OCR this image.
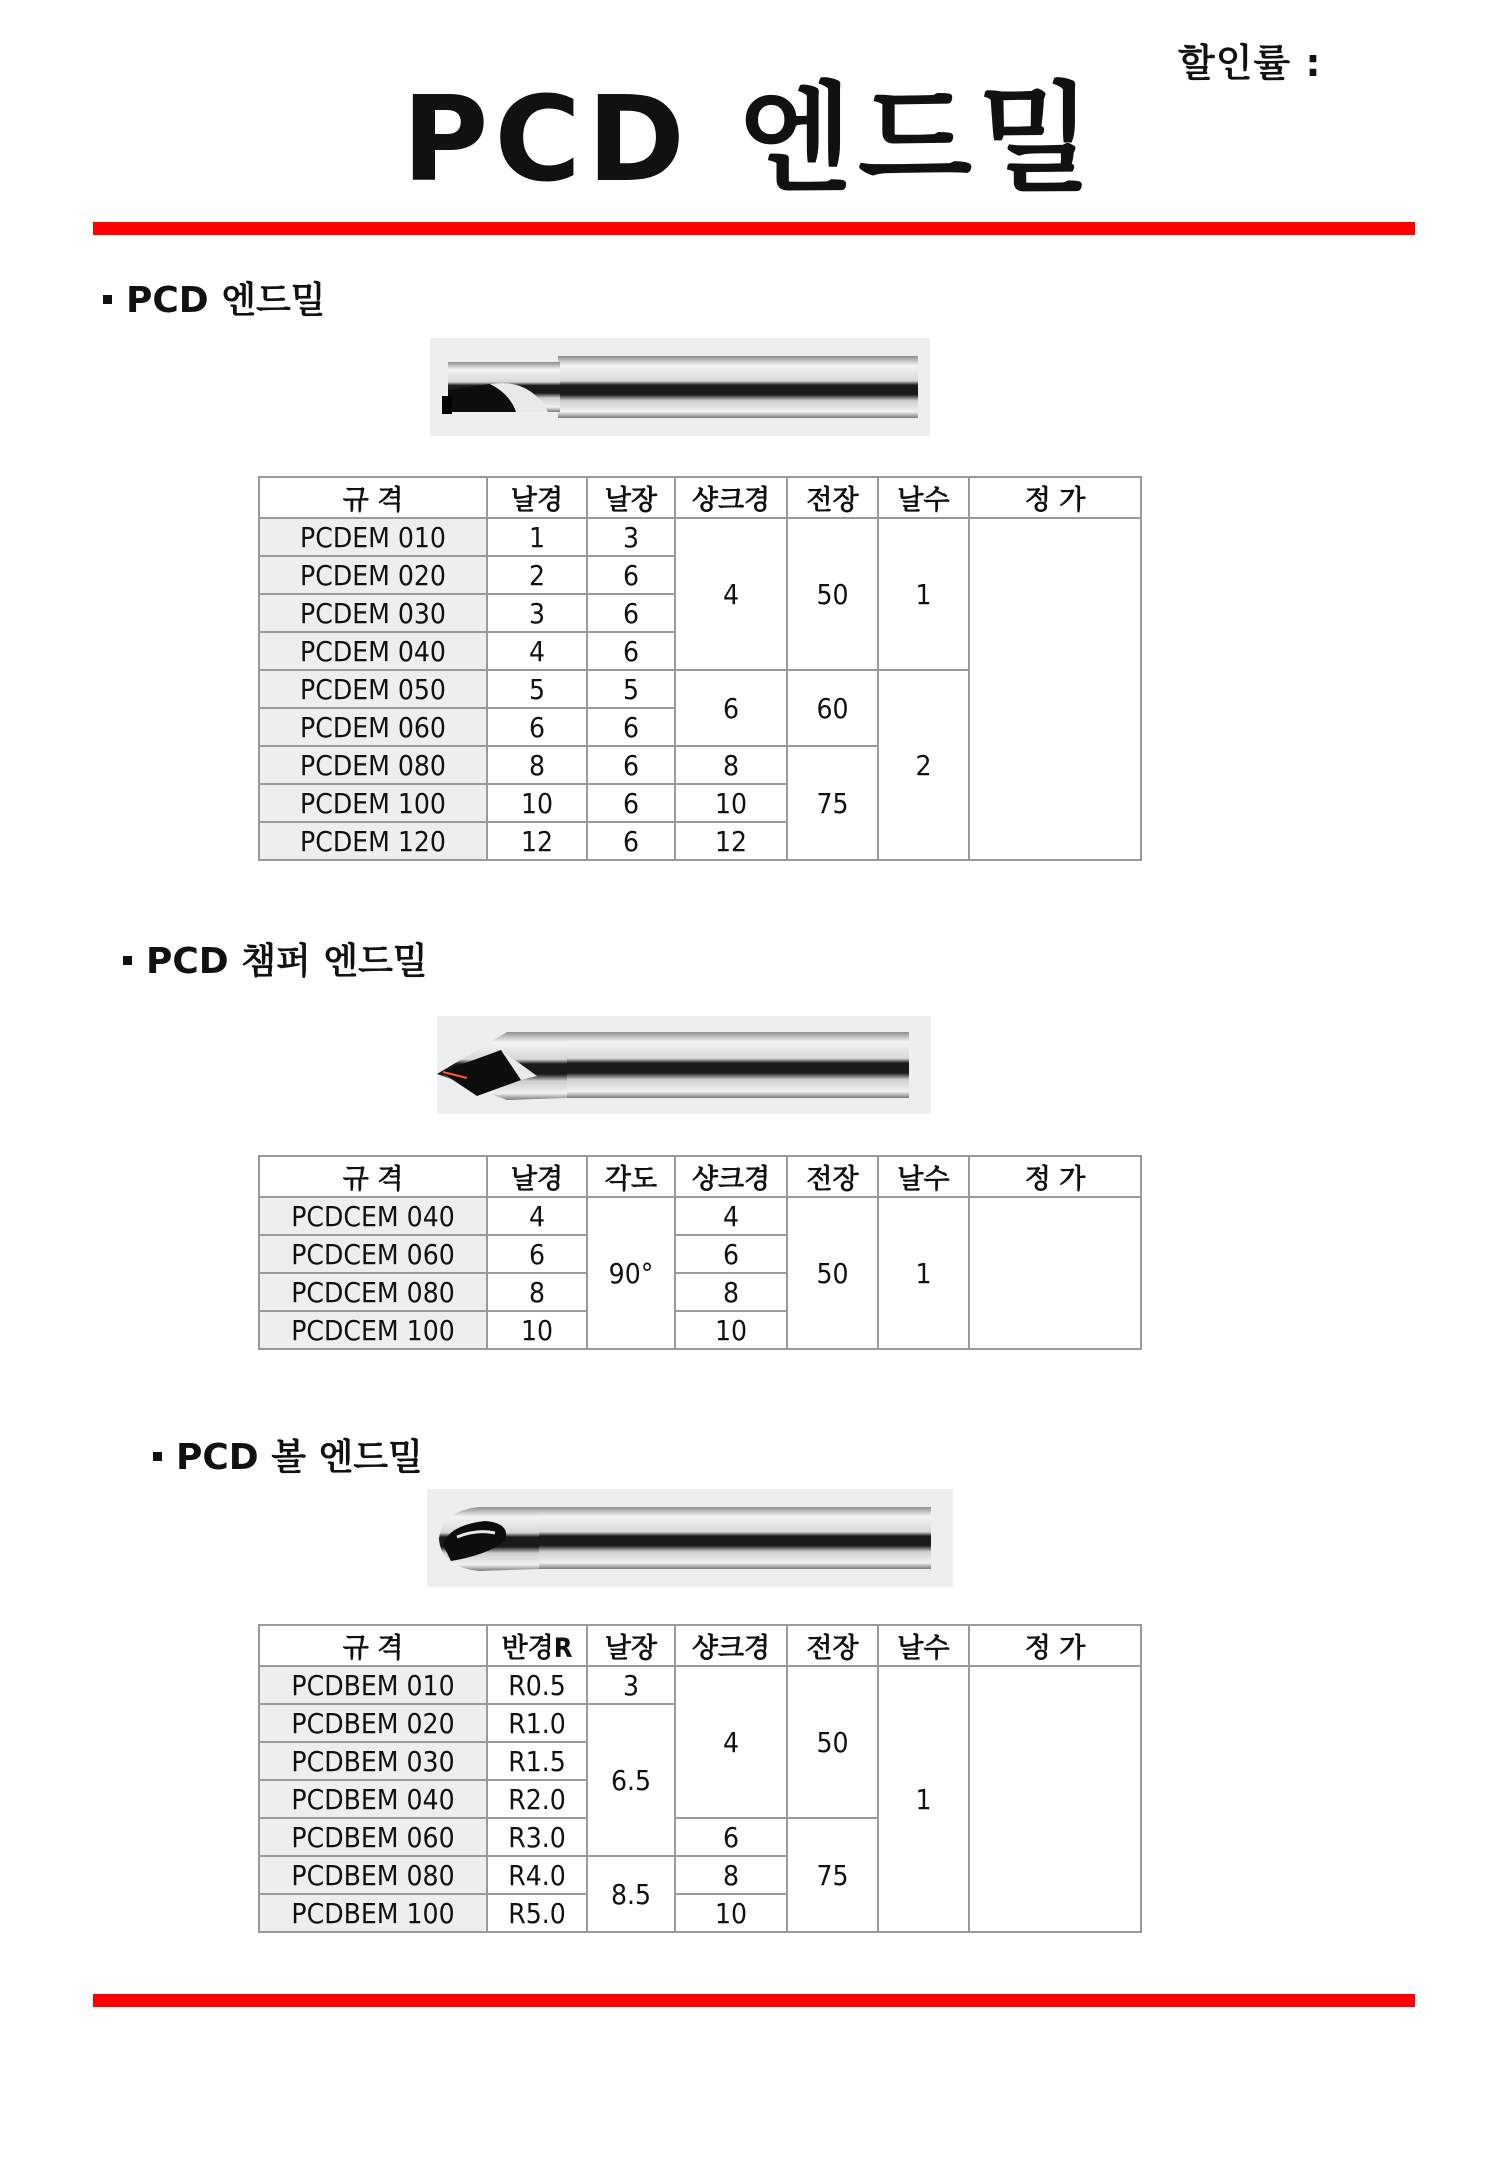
할인률 :
PCD 엔드밀
PCD 엔드밀
규 격	날경	날장	샹크경	전장	날수	정 가
PCDEM 010	1	3	4	50	1	
PCDEM 020	2	6				
PCDEM 030	3	6				
PCDEM 040	4	6				
PCDEM 050	5	5	6	60	2	
PCDEM 060	6	6				
PCDEM 080	8	6	8	75		
PCDEM 100	10	6	10			
PCDEM 120	12	6	12			
PCD 챔퍼 엔드밀
규 격	날경	각도	샹크경	전장	날수	정 가
PCDCEM 040	4	90°	4	50	1	
PCDCEM 060	6		6			
PCDCEM 080	8		8			
PCDCEM 100	10		10			
PCD 볼 엔드밀
규 격	반경R	날장	샹크경	전장	날수	정 가
PCDBEM 010	R0.5	3	4	50	1	
PCDBEM 020	R1.0	6.5				
PCDBEM 030	R1.5					
PCDBEM 040	R2.0					
PCDBEM 060	R3.0		6	75		
PCDBEM 080	R4.0	8.5	8			
PCDBEM 100	R5.0		10			
